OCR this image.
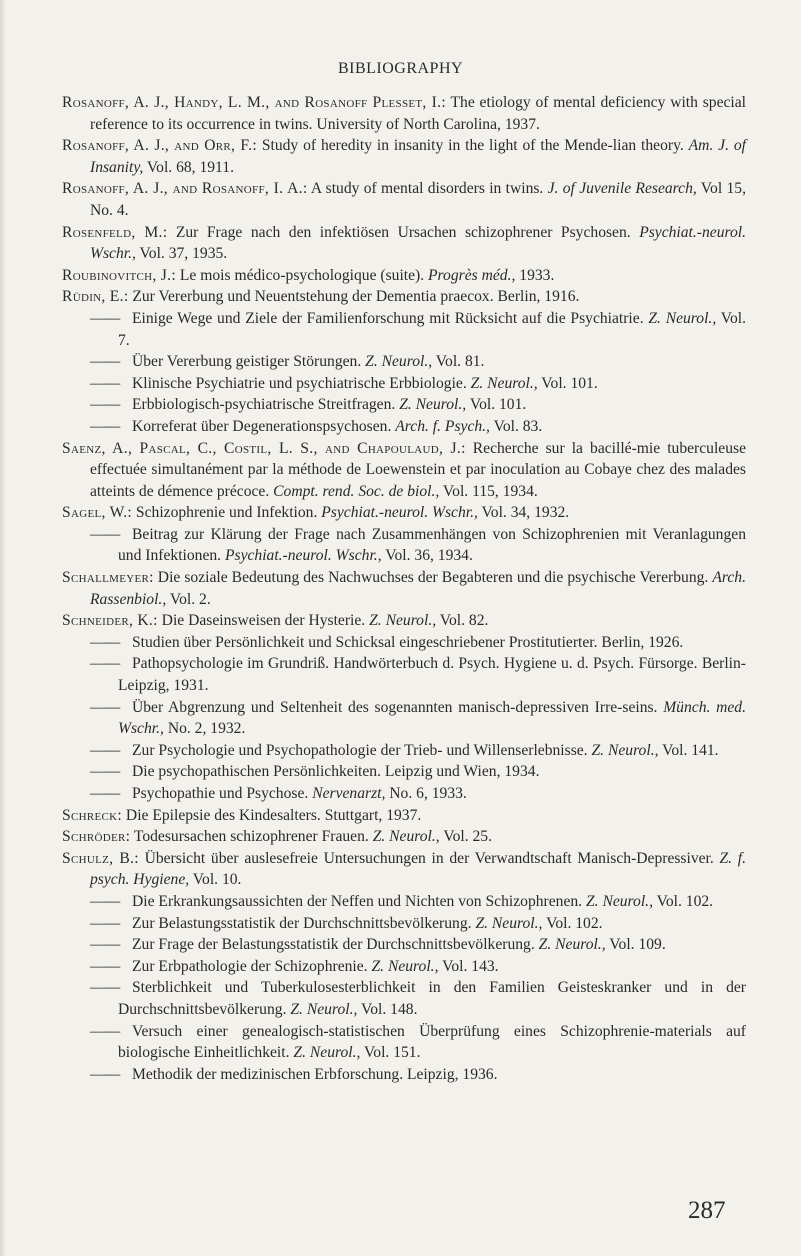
BIBLIOGRAPHY
Rosanoff, A. J., Handy, L. M., and Rosanoff Plesset, I.: The etiology of mental deficiency with special reference to its occurrence in twins. University of North Carolina, 1937.
Rosanoff, A. J., and Orr, F.: Study of heredity in insanity in the light of the Mende-lian theory. Am. J. of Insanity, Vol. 68, 1911.
Rosanoff, A. J., and Rosanoff, I. A.: A study of mental disorders in twins. J. of Juvenile Research, Vol 15, No. 4.
Rosenfeld, M.: Zur Frage nach den infektiösen Ursachen schizophrener Psychosen. Psychiat.-neurol. Wschr., Vol. 37, 1935.
Roubinovitch, J.: Le mois médico-psychologique (suite). Progrès méd., 1933.
Rüdin, E.: Zur Vererbung und Neuentstehung der Dementia praecox. Berlin, 1916.
——Einige Wege und Ziele der Familienforschung mit Rücksicht auf die Psychiatrie. Z. Neurol., Vol. 7.
——Über Vererbung geistiger Störungen. Z. Neurol., Vol. 81.
——Klinische Psychiatrie und psychiatrische Erbbiologie. Z. Neurol., Vol. 101.
——Erbbiologisch-psychiatrische Streitfragen. Z. Neurol., Vol. 101.
——Korreferat über Degenerationspsychosen. Arch. f. Psych., Vol. 83.
Saenz, A., Pascal, C., Costil, L. S., and Chapoulaud, J.: Recherche sur la bacillé-mie tuberculeuse effectuée simultanément par la méthode de Loewenstein et par inoculation au Cobaye chez des malades atteints de démence précoce. Compt. rend. Soc. de biol., Vol. 115, 1934.
Sagel, W.: Schizophrenie und Infektion. Psychiat.-neurol. Wschr., Vol. 34, 1932.
——Beitrag zur Klärung der Frage nach Zusammenhängen von Schizophrenien mit Veranlagungen und Infektionen. Psychiat.-neurol. Wschr., Vol. 36, 1934.
Schallmeyer: Die soziale Bedeutung des Nachwuchses der Begabteren und die psychische Vererbung. Arch. Rassenbiol., Vol. 2.
Schneider, K.: Die Daseinsweisen der Hysterie. Z. Neurol., Vol. 82.
——Studien über Persönlichkeit und Schicksal eingeschriebener Prostitutierter. Berlin, 1926.
——Pathopsychologie im Grundriß. Handwörterbuch d. Psych. Hygiene u. d. Psych. Fürsorge. Berlin-Leipzig, 1931.
——Über Abgrenzung und Seltenheit des sogenannten manisch-depressiven Irre-seins. Münch. med. Wschr., No. 2, 1932.
——Zur Psychologie und Psychopathologie der Trieb- und Willenserlebnisse. Z. Neurol., Vol. 141.
——Die psychopathischen Persönlichkeiten. Leipzig und Wien, 1934.
——Psychopathie und Psychose. Nervenarzt, No. 6, 1933.
Schreck: Die Epilepsie des Kindesalters. Stuttgart, 1937.
Schröder: Todesursachen schizophrener Frauen. Z. Neurol., Vol. 25.
Schulz, B.: Übersicht über auslesefreie Untersuchungen in der Verwandtschaft Manisch-Depressiver. Z. f. psych. Hygiene, Vol. 10.
——Die Erkrankungsaussichten der Neffen und Nichten von Schizophrenen. Z. Neurol., Vol. 102.
——Zur Belastungsstatistik der Durchschnittsbevölkerung. Z. Neurol., Vol. 102.
——Zur Frage der Belastungsstatistik der Durchschnittsbevölkerung. Z. Neurol., Vol. 109.
——Zur Erbpathologie der Schizophrenie. Z. Neurol., Vol. 143.
——Sterblichkeit und Tuberkulosesterblichkeit in den Familien Geisteskranker und in der Durchschnittsbevölkerung. Z. Neurol., Vol. 148.
——Versuch einer genealogisch-statistischen Überprüfung eines Schizophrenie-materials auf biologische Einheitlichkeit. Z. Neurol., Vol. 151.
——Methodik der medizinischen Erbforschung. Leipzig, 1936.
287
